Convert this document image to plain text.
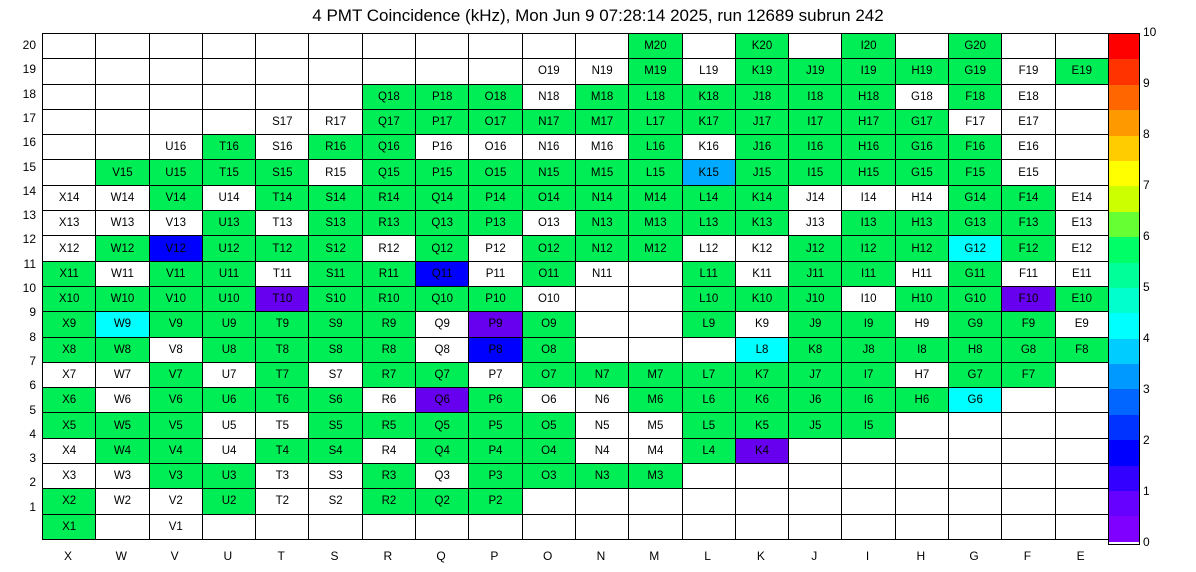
4 PMT Coincidence (kHz), Mon Jun 9 07:28:14 2025, run 12689 subrun 242
											M20		K20		I20		G20		
									O19	N19	M19	L19	K19	J19	I19	H19	G19	F19	E19
						Q18	P18	O18	N18	M18	L18	K18	J18	I18	H18	G18	F18	E18	
				S17	R17	Q17	P17	O17	N17	M17	L17	K17	J17	I17	H17	G17	F17	E17	
		U16	T16	S16	R16	Q16	P16	O16	N16	M16	L16	K16	J16	I16	H16	G16	F16	E16	
	V15	U15	T15	S15	R15	Q15	P15	O15	N15	M15	L15	K15	J15	I15	H15	G15	F15	E15	
X14	W14	V14	U14	T14	S14	R14	Q14	P14	O14	N14	M14	L14	K14	J14	I14	H14	G14	F14	E14
X13	W13	V13	U13	T13	S13	R13	Q13	P13	O13	N13	M13	L13	K13	J13	I13	H13	G13	F13	E13
X12	W12	V12	U12	T12	S12	R12	Q12	P12	O12	N12	M12	L12	K12	J12	I12	H12	G12	F12	E12
X11	W11	V11	U11	T11	S11	R11	Q11	P11	O11	N11		L11	K11	J11	I11	H11	G11	F11	E11
X10	W10	V10	U10	T10	S10	R10	Q10	P10	O10			L10	K10	J10	I10	H10	G10	F10	E10
X9	W9	V9	U9	T9	S9	R9	Q9	P9	O9			L9	K9	J9	I9	H9	G9	F9	E9
X8	W8	V8	U8	T8	S8	R8	Q8	P8	O8				L8	K8	J8	I8	H8	G8	F8
X7	W7	V7	U7	T7	S7	R7	Q7	P7	O7	N7	M7	L7	K7	J7	I7	H7	G7	F7	
X6	W6	V6	U6	T6	S6	R6	Q6	P6	O6	N6	M6	L6	K6	J6	I6	H6	G6		
X5	W5	V5	U5	T5	S5	R5	Q5	P5	O5	N5	M5	L5	K5	J5	I5				
X4	W4	V4	U4	T4	S4	R4	Q4	P4	O4	N4	M4	L4	K4						
X3	W3	V3	U3	T3	S3	R3	Q3	P3	O3	N3	M3								
X2	W2	V2	U2	T2	S2	R2	Q2	P2											
X1		V1																	
20
19
18
17
16
15
14
13
12
11
10
9
8
7
6
5
4
3
2
1
X	W	V	U	T	S	R	Q	P	O	N	M	L	K	J	I	H	G	F	E
10
9
8
7
6
5
4
3
2
1
0
